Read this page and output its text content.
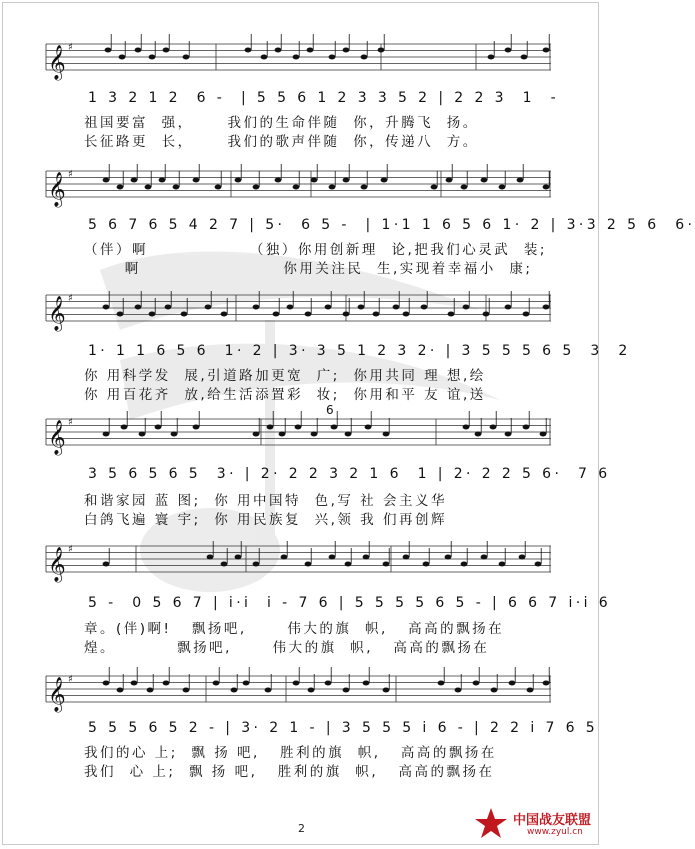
𝄞 ♯
1 3 2 1 2  6 -  | 5 5 6 1 2 3 3 5 2 | 2 2 3  1  -
祖国要富  强，     我们的生命伴随  你，升腾飞  扬。
长征路更  长，     我们的歌声伴随  你，传递八  方。
𝄞 ♯
5 6 7 6 5 4 2 7 | 5·  6 5 -  | 1·1 1 6 5 6 1· 2 | 3·3 2 5 6  6·
（伴）啊               （独）你用创新理  论,把我们心灵武  装;
啊                     你用关注民  生,实现着幸福小  康;
𝄞 ♯
1· 1 1 6 5 6  1· 2 | 3· 3 5 1 2 3 2· | 3 5 5 5 6 5  3  2
你 用科学发  展,引道路加更宽  广;  你用共同 理 想,绘
你 用百花齐  放,给生活添置彩  妆;  你用和平 友 谊,送
6
𝄞 ♯
3 5 6 5 6 5  3· | 2· 2 2 3 2 1 6  1 | 2· 2 2 5 6·  7 6
和谐家园 蓝 图;  你 用中国特  色,写 社 会主义华
白鸽飞遍 寰 宇;  你 用民族复  兴,领 我 们再创辉
𝄞 ♯
5 -  0 5 6 7 | i·i  i - 7 6 | 5 5 5 5 6 5 - | 6 6 7 i·i 6
章。(伴)啊!   飘扬吧,      伟大的旗  帜,   高高的飘扬在
煌。         飘扬吧,      伟大的旗  帜,   高高的飘扬在
𝄞 ♯
5 5 5 6 5 2 - | 3· 2 1 - | 3 5 5 5 i 6 - | 2 2 i 7 6 5
我们的心 上;  飘 扬 吧,   胜利的旗  帜,   高高的飘扬在
我们  心 上;  飘 扬 吧,   胜利的旗  帜,   高高的飘扬在
2
中国战友联盟
www.zyul.cn
